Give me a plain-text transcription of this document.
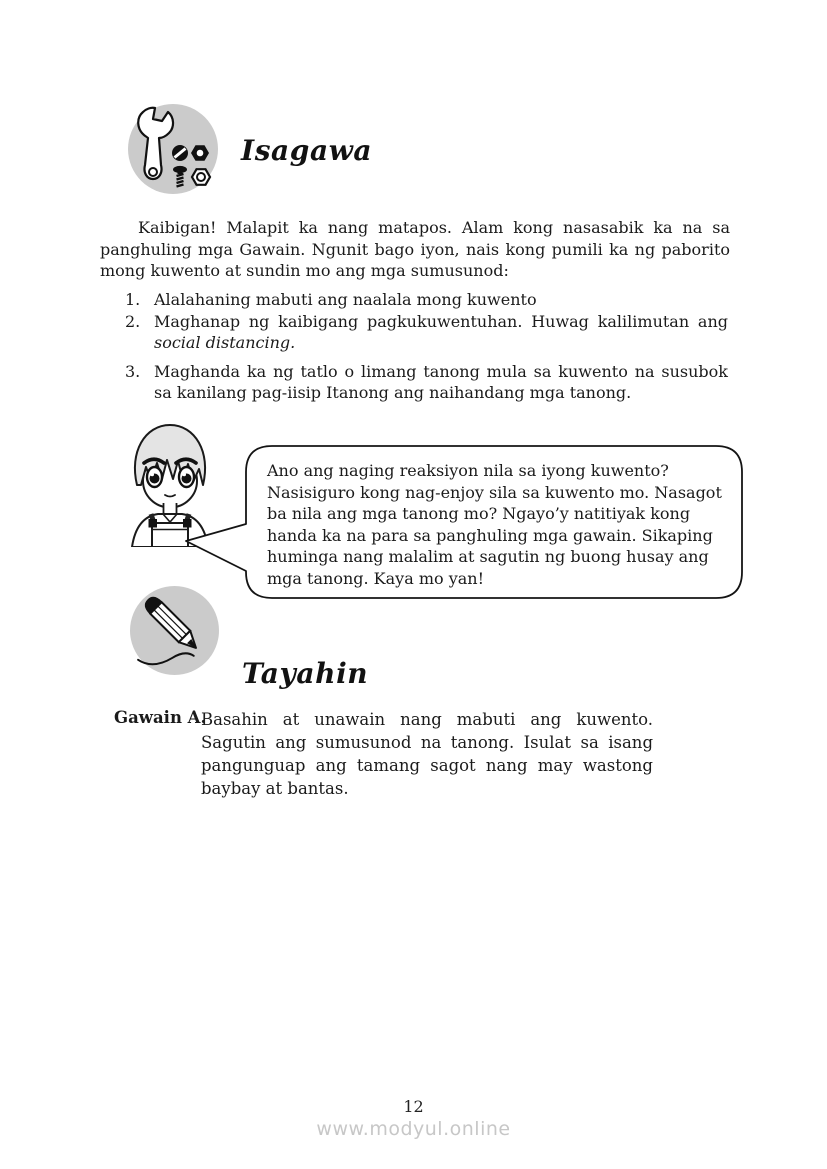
Isagawa

Kaibigan! Malapit ka nang matapos. Alam kong nasasabik ka na sa panghuling mga Gawain. Ngunit bago iyon, nais kong pumili ka ng paborito mong kuwento at sundin mo ang mga sumusunod:

1. Alalahaning mabuti ang naalala mong kuwento
2. Maghanap ng kaibigang pagkukuwentuhan. Huwag kalilimutan ang social distancing.
3. Maghanda ka ng tatlo o limang tanong mula sa kuwento na susubok sa kanilang pag-iisip Itanong ang naihandang mga tanong.

Ano ang naging reaksiyon nila sa iyong kuwento? Nasisiguro kong nag-enjoy sila sa kuwento mo. Nasagot ba nila ang mga tanong mo? Ngayo’y natitiyak kong handa ka na para sa panghuling mga gawain. Sikaping huminga nang malalim at sagutin ng buong husay ang mga tanong. Kaya mo yan!

Tayahin
Gawain A.

Basahin at unawain nang mabuti ang kuwento. Sagutin ang sumusunod na tanong. Isulat sa isang pangunguap ang tamang sagot nang may wastong baybay at bantas.

12
www.modyul.online
